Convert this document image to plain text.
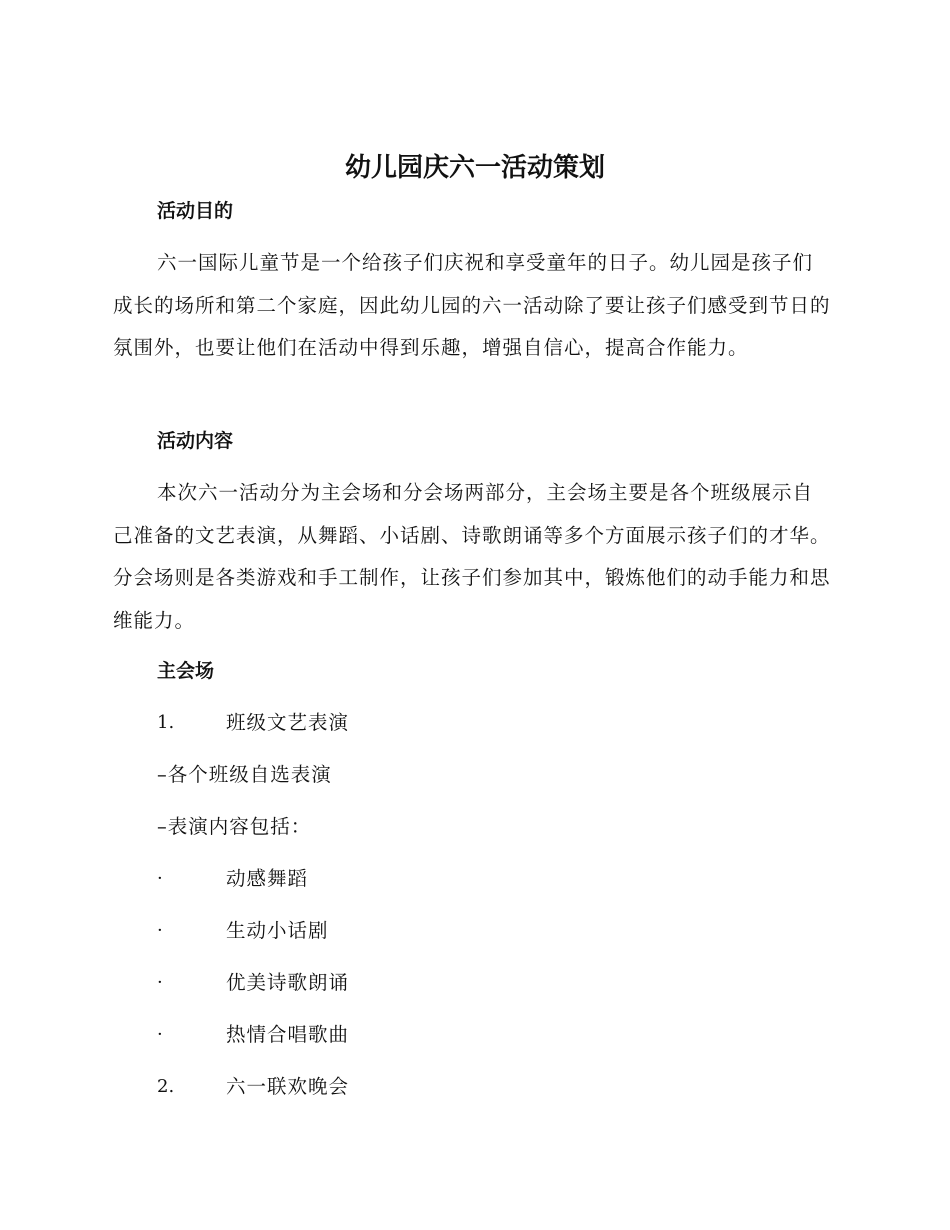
幼儿园庆六一活动策划
活动目的

六一国际儿童节是一个给孩子们庆祝和享受童年的日子。幼儿园是孩子们成长的场所和第二个家庭，因此幼儿园的六一活动除了要让孩子们感受到节日的氛围外，也要让他们在活动中得到乐趣，增强自信心，提高合作能力。

活动内容

本次六一活动分为主会场和分会场两部分，主会场主要是各个班级展示自己准备的文艺表演，从舞蹈、小话剧、诗歌朗诵等多个方面展示孩子们的才华。分会场则是各类游戏和手工制作，让孩子们参加其中，锻炼他们的动手能力和思维能力。

主会场
1.	班级文艺表演

–各个班级自选表演

–表演内容包括：

·	动感舞蹈
·	生动小话剧
·	优美诗歌朗诵
·	热情合唱歌曲
2.	六一联欢晚会
